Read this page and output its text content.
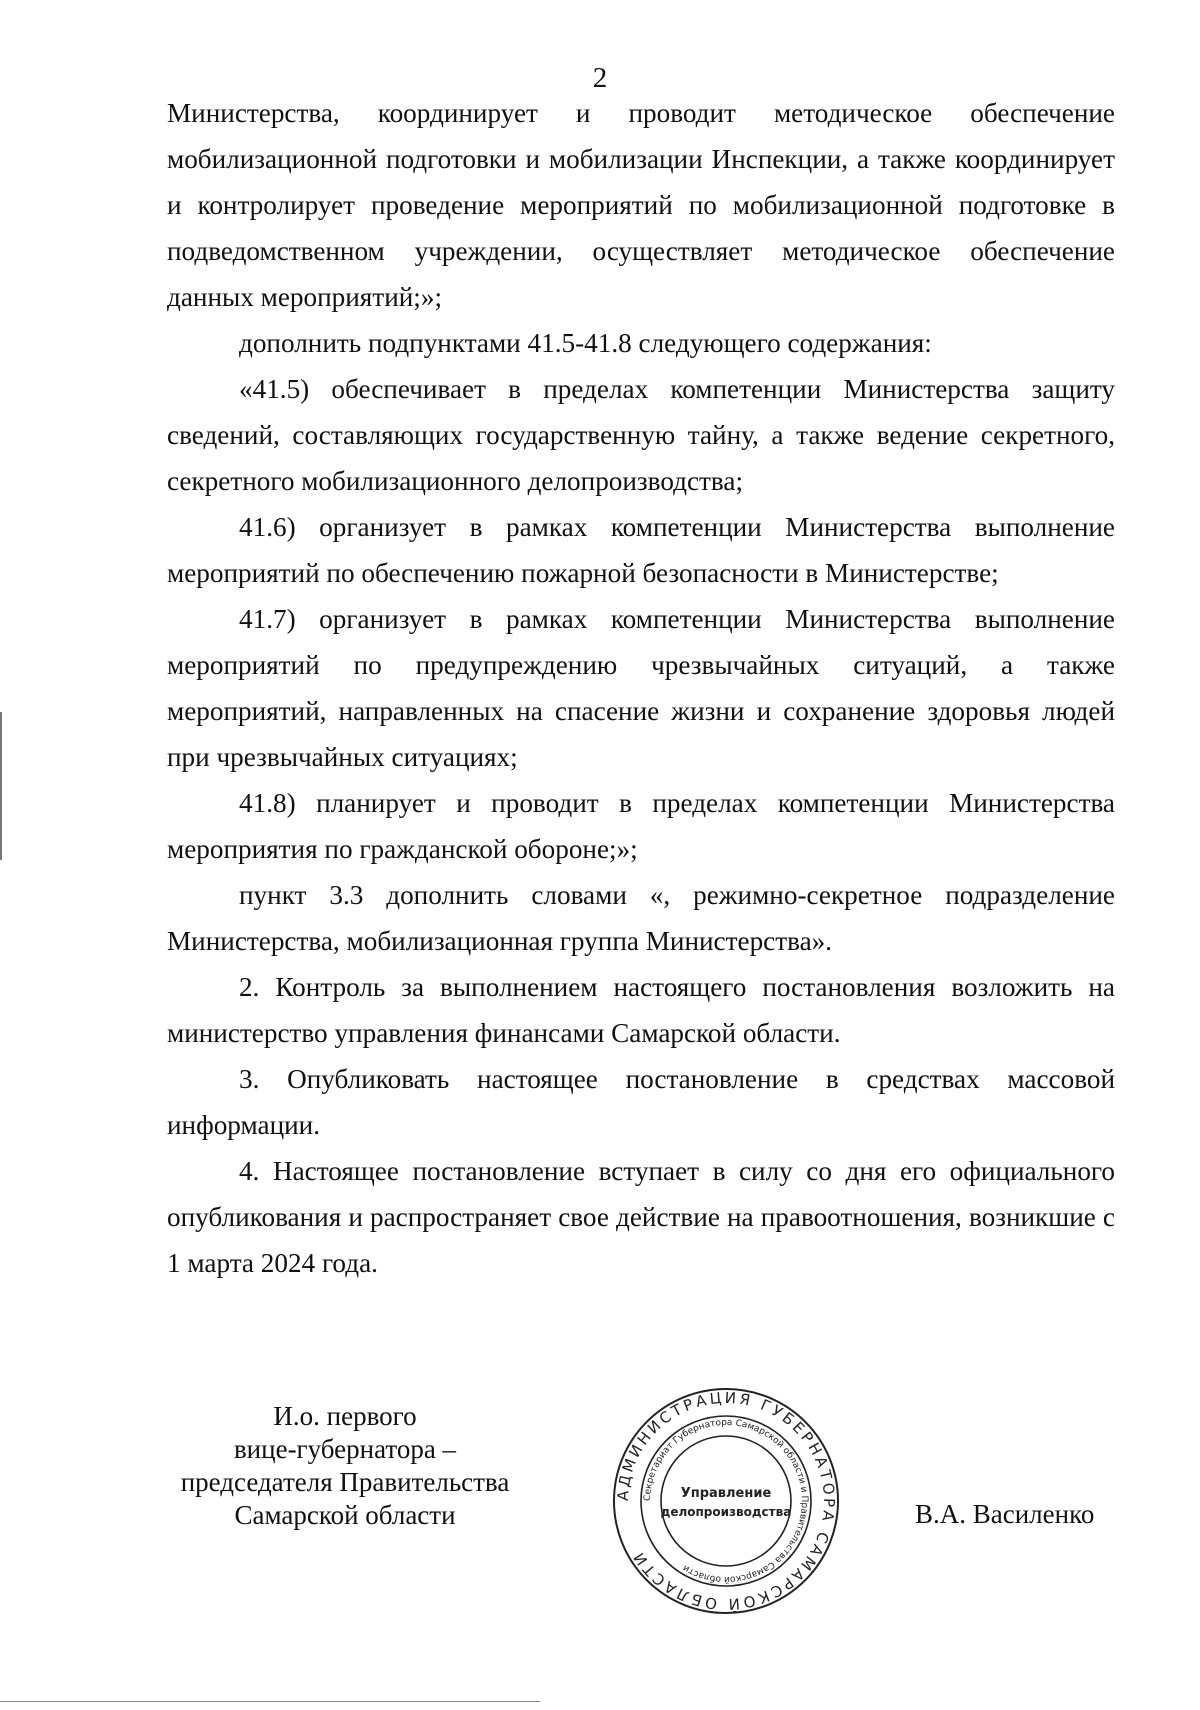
2

Министерства, координирует и проводит методическое обеспечение мобилизационной подготовки и мобилизации Инспекции, а также координирует и контролирует проведение мероприятий по мобилизационной подготовке в подведомственном учреждении, осуществляет методическое обеспечение данных мероприятий;»;

дополнить подпунктами 41.5-41.8 следующего содержания:

«41.5) обеспечивает в пределах компетенции Министерства защиту сведений, составляющих государственную тайну, а также ведение секретного, секретного мобилизационного делопроизводства;

41.6) организует в рамках компетенции Министерства выполнение мероприятий по обеспечению пожарной безопасности в Министерстве;

41.7) организует в рамках компетенции Министерства выполнение мероприятий по предупреждению чрезвычайных ситуаций, а также мероприятий, направленных на спасение жизни и сохранение здоровья людей при чрезвычайных ситуациях;

41.8) планирует и проводит в пределах компетенции Министерства мероприятия по гражданской обороне;»;

пункт 3.3 дополнить словами «, режимно-секретное подразделение Министерства, мобилизационная группа Министерства».

2. Контроль за выполнением настоящего постановления возложить на министерство управления финансами Самарской области.

3. Опубликовать настоящее постановление в средствах массовой информации.

4. Настоящее постановление вступает в силу со дня его официального опубликования и распространяет свое действие на правоотношения, возникшие с 1 марта 2024 года.

И.о. первого
вице-губернатора –
председателя Правительства
Самарской области
АДМИНИСТРАЦИЯ ГУБЕРНАТОРА САМАРСКОЙ ОБЛАСТИ
Секретариат Губернатора Самарской области и Правительства Самарской области
Управление
делопроизводства	В.А. Василенко
